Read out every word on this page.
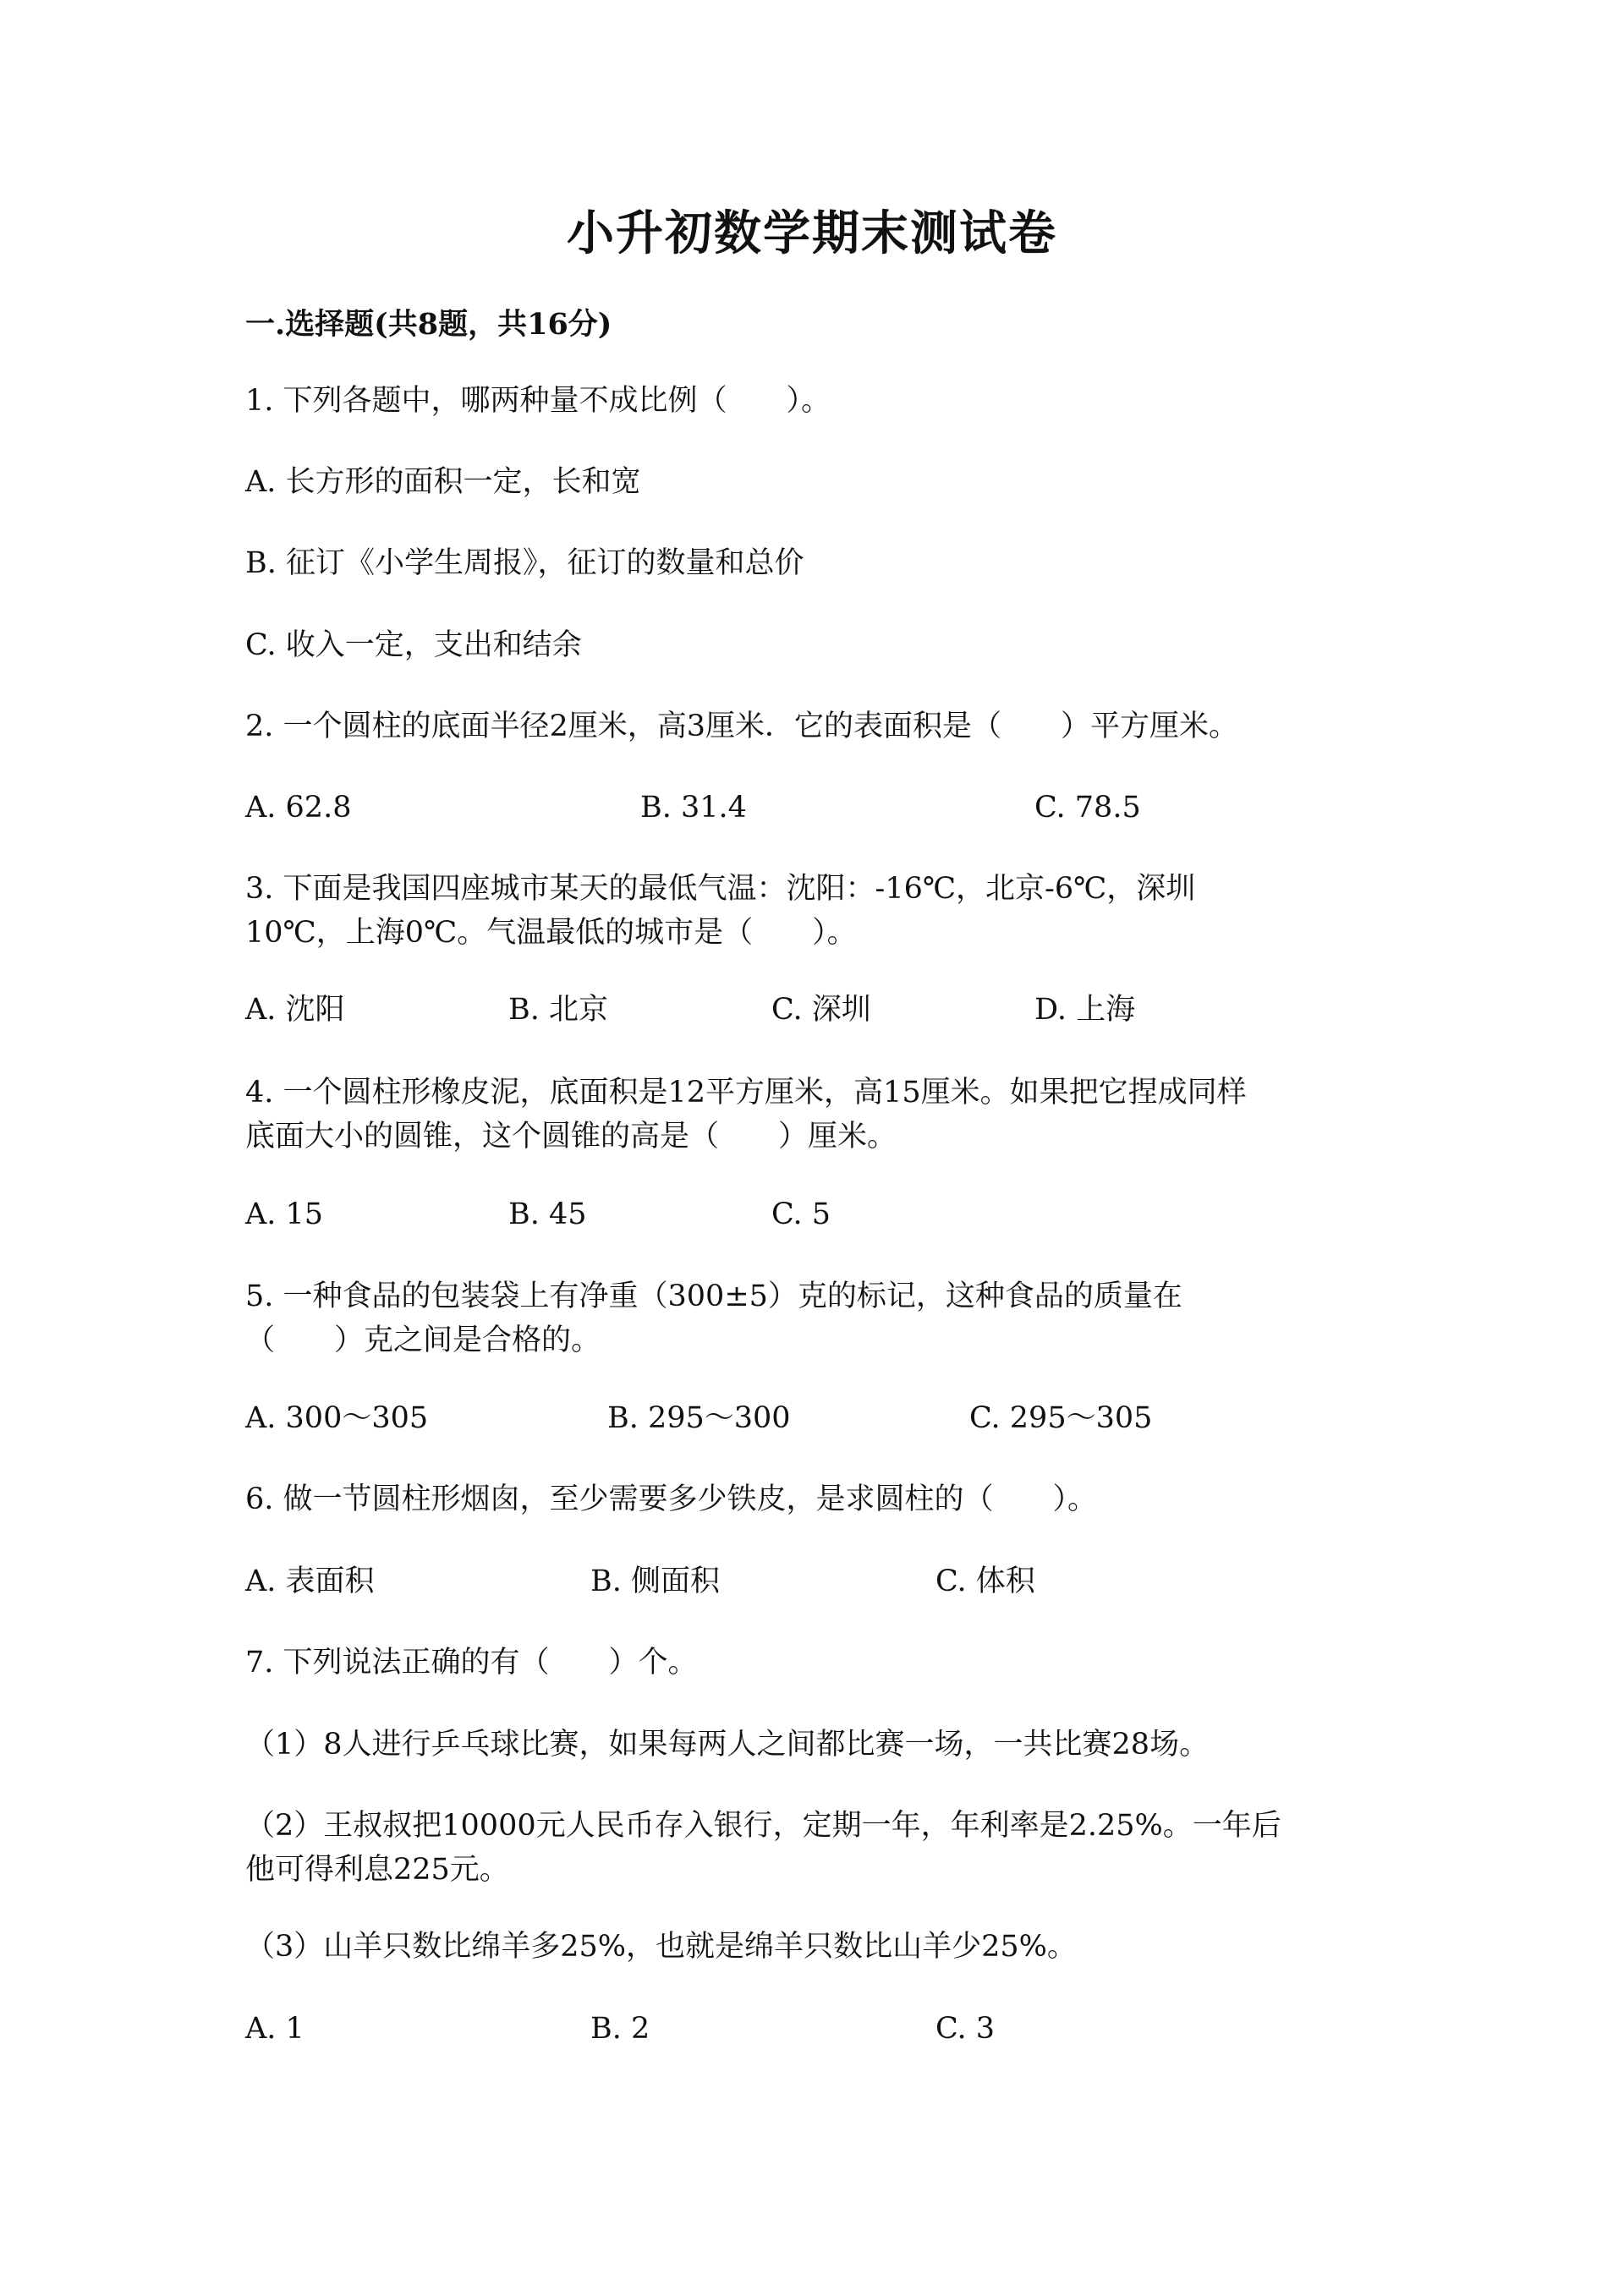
小升初数学期末测试卷
一.选择题(共8题，共16分)
1. 下列各题中，哪两种量不成比例（　　）。
A. 长方形的面积一定，长和宽
B. 征订《小学生周报》，征订的数量和总价
C. 收入一定，支出和结余
2. 一个圆柱的底面半径2厘米，高3厘米．它的表面积是（　　）平方厘米。
A. 62.8	B. 31.4	C. 78.5
3. 下面是我国四座城市某天的最低气温：沈阳：-16℃，北京-6℃，深圳
10℃，上海0℃。气温最低的城市是（　　）。
A. 沈阳	B. 北京	C. 深圳	D. 上海
4. 一个圆柱形橡皮泥，底面积是12平方厘米，高15厘米。如果把它捏成同样
底面大小的圆锥，这个圆锥的高是（　　）厘米。
A. 15	B. 45	C. 5
5. 一种食品的包装袋上有净重（300±5）克的标记，这种食品的质量在
（　　）克之间是合格的。
A. 300～305	B. 295～300	C. 295～305
6. 做一节圆柱形烟囱，至少需要多少铁皮，是求圆柱的（　　）。
A. 表面积	B. 侧面积	C. 体积
7. 下列说法正确的有（　　）个。
（1）8人进行乒乓球比赛，如果每两人之间都比赛一场，一共比赛28场。
（2）王叔叔把10000元人民币存入银行，定期一年，年利率是2.25%。一年后
他可得利息225元。
（3）山羊只数比绵羊多25%，也就是绵羊只数比山羊少25%。
A. 1	B. 2	C. 3
